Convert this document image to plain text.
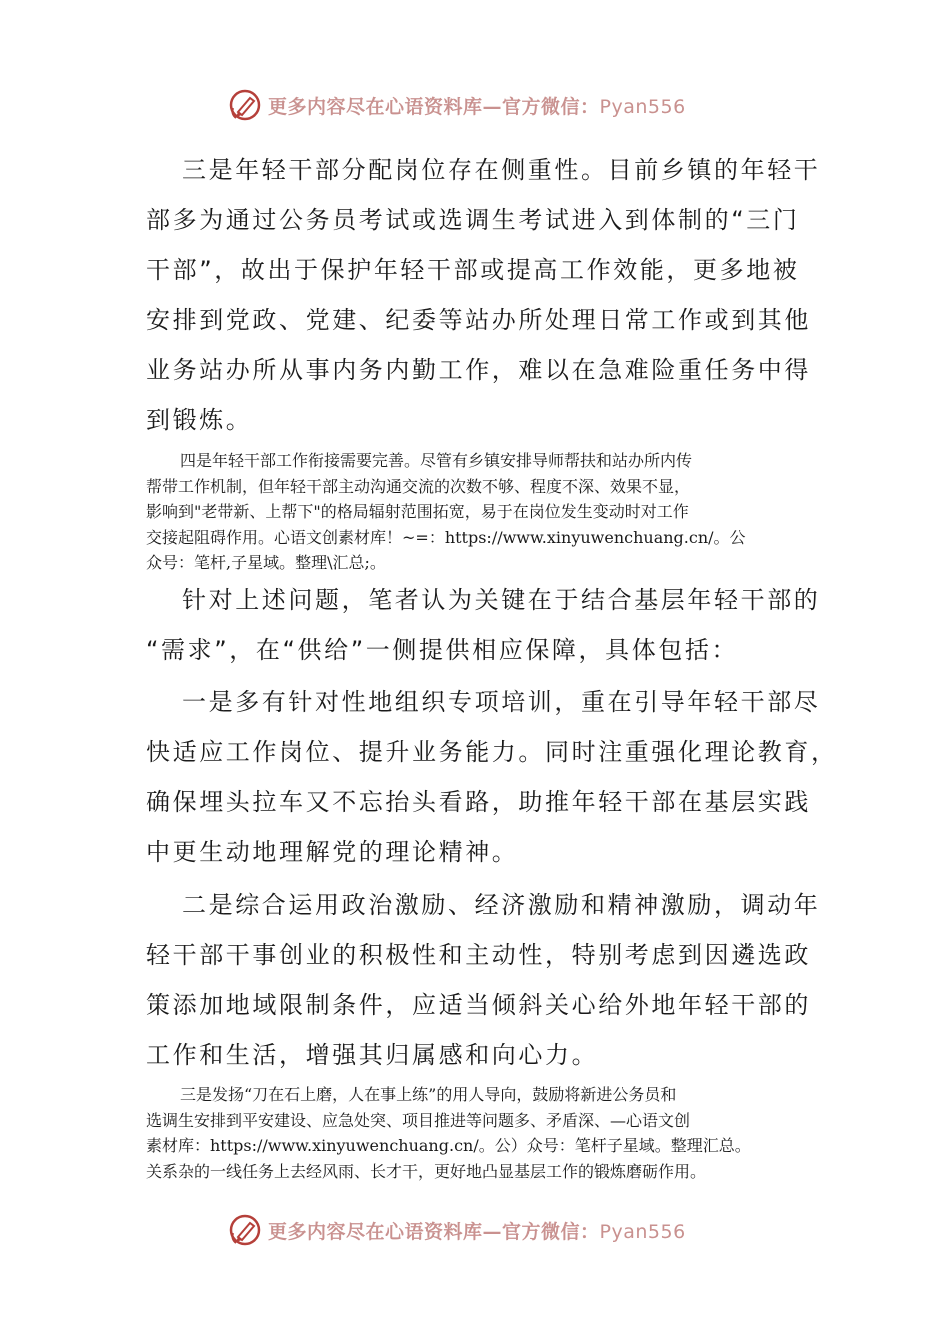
更多内容尽在心语资料库—官方微信：Pyan556
三是年轻干部分配岗位存在侧重性。目前乡镇的年轻干
部多为通过公务员考试或选调生考试进入到体制的“三门
干部”，故出于保护年轻干部或提高工作效能，更多地被
安排到党政、党建、纪委等站办所处理日常工作或到其他
业务站办所从事内务内勤工作，难以在急难险重任务中得
到锻炼。
四是年轻干部工作衔接需要完善。尽管有乡镇安排导师帮扶和站办所内传
帮带工作机制，但年轻干部主动沟通交流的次数不够、程度不深、效果不显，
影响到"老带新、上帮下"的格局辐射范围拓宽，易于在岗位发生变动时对工作
交接起阻碍作用。心语文创素材库！~=：https://www.xinyuwenchuang.cn/。公
众号：笔杆,子星域。整理\汇总;。
针对上述问题，笔者认为关键在于结合基层年轻干部的
“需求”，在“供给”一侧提供相应保障，具体包括：
一是多有针对性地组织专项培训，重在引导年轻干部尽
快适应工作岗位、提升业务能力。同时注重强化理论教育，
确保埋头拉车又不忘抬头看路，助推年轻干部在基层实践
中更生动地理解党的理论精神。
二是综合运用政治激励、经济激励和精神激励，调动年
轻干部干事创业的积极性和主动性，特别考虑到因遴选政
策添加地域限制条件，应适当倾斜关心给外地年轻干部的
工作和生活，增强其归属感和向心力。
三是发扬“刀在石上磨，人在事上练”的用人导向，鼓励将新进公务员和
选调生安排到平安建设、应急处突、项目推进等问题多、矛盾深、—心语文创
素材库：https://www.xinyuwenchuang.cn/。公）众号：笔杆子星域。整理汇总。
关系杂的一线任务上去经风雨、长才干，更好地凸显基层工作的锻炼磨砺作用。
更多内容尽在心语资料库—官方微信：Pyan556
